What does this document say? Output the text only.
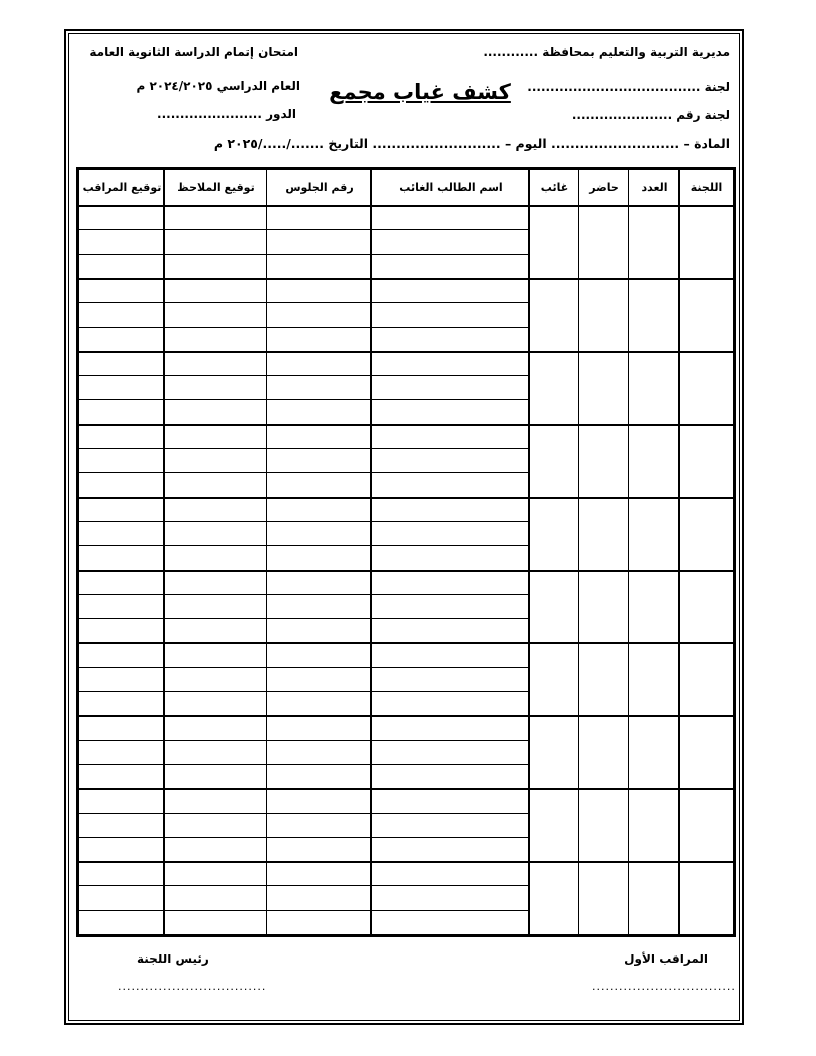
مديرية التربية والتعليم بمحافظة ............
لجنة ......................................
لجنة رقم ......................
المادة – ........................... اليوم – ........................... التاريخ ......./...../٢٠٢٥ م
امتحان إتمام الدراسة الثانوية العامة
العام الدراسي ٢٠٢٤/٢٠٢٥ م
الدور .......................
كشف غياب مجمع
اللجنة
العدد
حاضر
غائب
اسم الطالب الغائب
رقم الجلوس
توقيع الملاحظ
توقيع المراقب
المراقب الأول
................................
رئيس اللجنة
.................................
